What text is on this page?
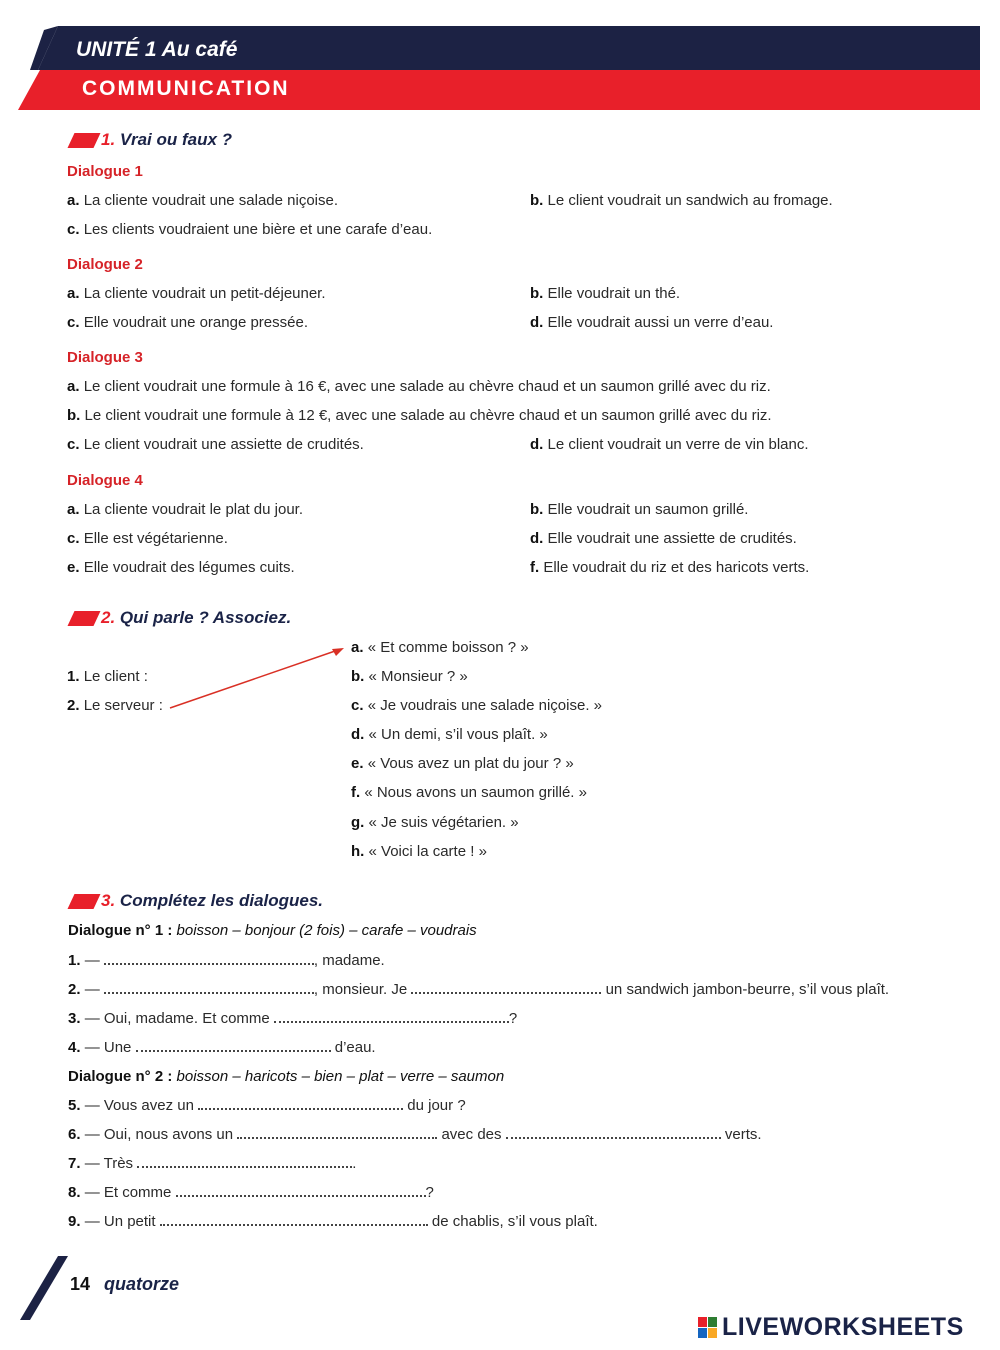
UNITÉ 1 Au café
COMMUNICATION
1. Vrai ou faux ?
Dialogue 1
a. La cliente voudrait une salade niçoise.	b. Le client voudrait un sandwich au fromage.
c. Les clients voudraient une bière et une carafe d’eau.
Dialogue 2
a. La cliente voudrait un petit-déjeuner.	b. Elle voudrait un thé.
c. Elle voudrait une orange pressée.	d. Elle voudrait aussi un verre d’eau.
Dialogue 3
a. Le client voudrait une formule à 16 €, avec une salade au chèvre chaud et un saumon grillé avec du riz.
b. Le client voudrait une formule à 12 €, avec une salade au chèvre chaud et un saumon grillé avec du riz.
c. Le client voudrait une assiette de crudités.	d. Le client voudrait un verre de vin blanc.
Dialogue 4
a. La cliente voudrait le plat du jour.	b. Elle voudrait un saumon grillé.
c. Elle est végétarienne.	d. Elle voudrait une assiette de crudités.
e. Elle voudrait des légumes cuits.	f. Elle voudrait du riz et des haricots verts.
2. Qui parle ? Associez.
1. Le client :
2. Le serveur :
a. « Et comme boisson ? »
b. « Monsieur ? »
c. « Je voudrais une salade niçoise. »
d. « Un demi, s’il vous plaît. »
e. « Vous avez un plat du jour ? »
f. « Nous avons un saumon grillé. »
g. « Je suis végétarien. »
h. « Voici la carte ! »
3. Complétez les dialogues.
Dialogue n° 1 : boisson – bonjour (2 fois) – carafe – voudrais
1. —	, madame.
2. —	, monsieur. Je	un sandwich jambon-beurre, s’il vous plaît.
3. — Oui, madame. Et comme	?
4. — Une	d’eau.
Dialogue n° 2 : boisson – haricots – bien – plat – verre – saumon
5. — Vous avez un	du jour ?
6. — Oui, nous avons un	avec des	verts.
7. — Très	.
8. — Et comme	?
9. — Un petit	de chablis, s’il vous plaît.
14 quatorze
LIVEWORKSHEETS
